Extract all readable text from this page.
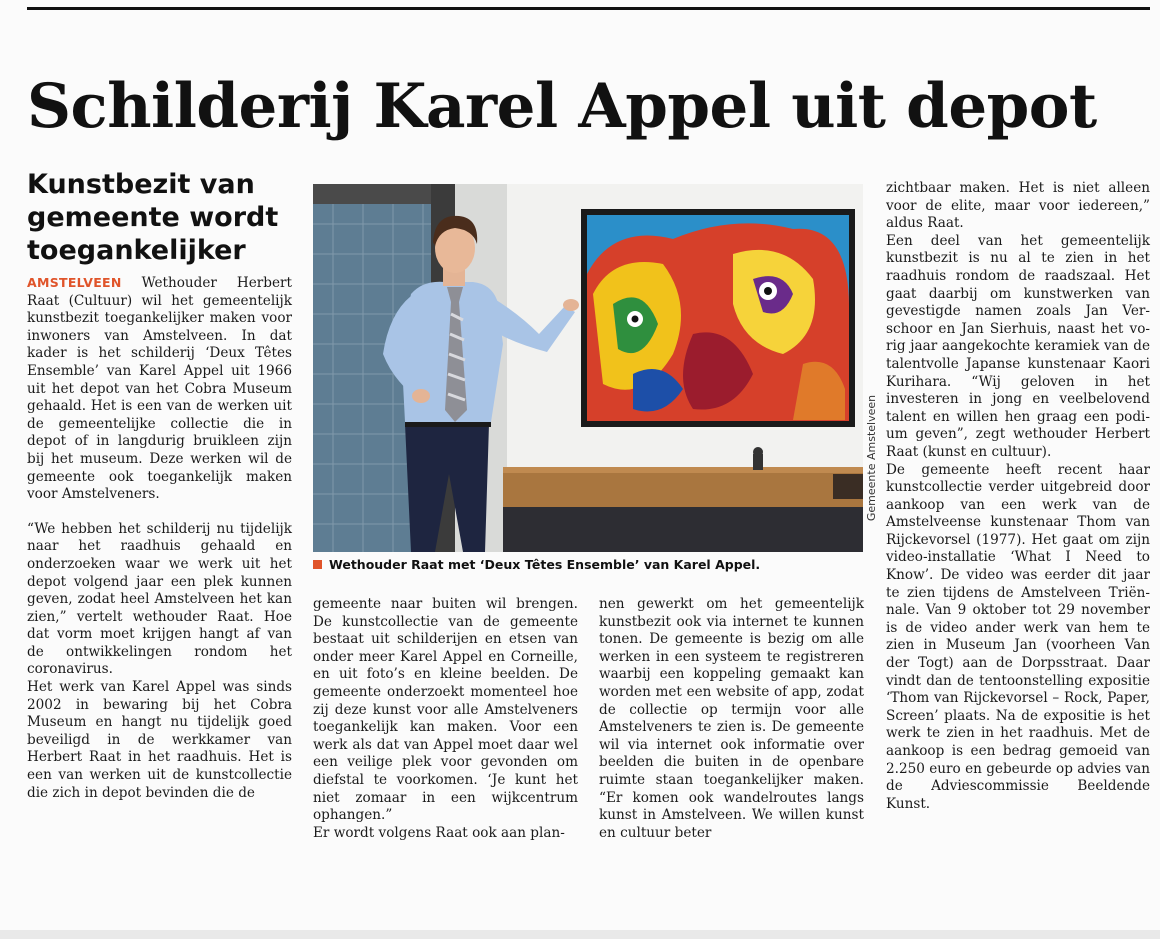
Schilderij Karel Appel uit depot
Kunstbezit van gemeente wordt toegankelijker

AMSTELVEEN Wethouder Herbert Raat (Cultuur) wil het gemeentelijk kunstbezit toegankelijker maken voor inwoners van Amstelveen. In dat kader is het schilderij ‘Deux Têtes Ensemble’ van Karel Appel uit 1966 uit het depot van het Cobra Museum gehaald. Het is een van de werken uit de gemeentelijke collectie die in depot of in langdurig bruikleen zijn bij het museum. Deze werken wil de gemeente ook toegankelijk maken voor Amstelveners.

“We hebben het schilderij nu tijdelijk naar het raadhuis gehaald en onderzoeken waar we werk uit het depot volgend jaar een plek kunnen geven, zodat heel Amstelveen het kan zien,” vertelt wethouder Raat. Hoe dat vorm moet krijgen hangt af van de ontwikkelingen rondom het coronavirus.

Het werk van Karel Appel was sinds 2002 in bewaring bij het Cobra Museum en hangt nu tijdelijk goed beveiligd in de werkkamer van Herbert Raat in het raadhuis. Het is een van werken uit de kunstcollectie die zich in depot bevinden die de

Gemeente Amstelveen
Wethouder Raat met ‘Deux Têtes Ensemble’ van Karel Appel.

gemeente naar buiten wil brengen. De kunstcollectie van de gemeente bestaat uit schilderijen en etsen van onder meer Karel Appel en Corneille, en uit foto’s en kleine beelden. De gemeente onderzoekt momenteel hoe zij deze kunst voor alle Amstelveners toegankelijk kan maken. Voor een werk als dat van Appel moet daar wel een veilige plek voor gevonden om diefstal te voorkomen. ‘Je kunt het niet zomaar in een wijkcentrum ophangen.”

Er wordt volgens Raat ook aan plan-

nen gewerkt om het gemeentelijk kunstbezit ook via internet te kunnen tonen. De gemeente is bezig om alle werken in een systeem te registreren waarbij een koppeling gemaakt kan worden met een website of app, zodat de collectie op termijn voor alle Amstelveners te zien is. De gemeente wil via internet ook informatie over beelden die buiten in de openbare ruimte staan toegankelijker maken. “Er komen ook wandelroutes langs kunst in Amstelveen. We willen kunst en cultuur beter

zichtbaar maken. Het is niet alleen voor de elite, maar voor iedereen,” aldus Raat.

Een deel van het gemeentelijk kunstbezit is nu al te zien in het raadhuis rondom de raadszaal. Het gaat daarbij om kunstwerken van gevestigde namen zoals Jan Verschoor en Jan Sierhuis, naast het vorig jaar aangekochte keramiek van de talentvolle Japanse kunstenaar Kaori Kurihara. “Wij geloven in het investeren in jong en veelbelovend talent en willen hen graag een podium geven”, zegt wethouder Herbert Raat (kunst en cultuur).

De gemeente heeft recent haar kunstcollectie verder uitgebreid door aankoop van een werk van de Amstelveense kunstenaar Thom van Rijckevorsel (1977). Het gaat om zijn video-installatie ‘What I Need to Know’. De video was eerder dit jaar te zien tijdens de Amstelveen Triënnale. Van 9 oktober tot 29 november is de video ander werk van hem te zien in Museum Jan (voorheen Van der Togt) aan de Dorpsstraat. Daar vindt dan de tentoonstelling expositie ‘Thom van Rijckevorsel – Rock, Paper, Screen’ plaats. Na de expositie is het werk te zien in het raadhuis. Met de aankoop is een bedrag gemoeid van 2.250 euro en gebeurde op advies van de Adviescommissie Beeldende Kunst.
